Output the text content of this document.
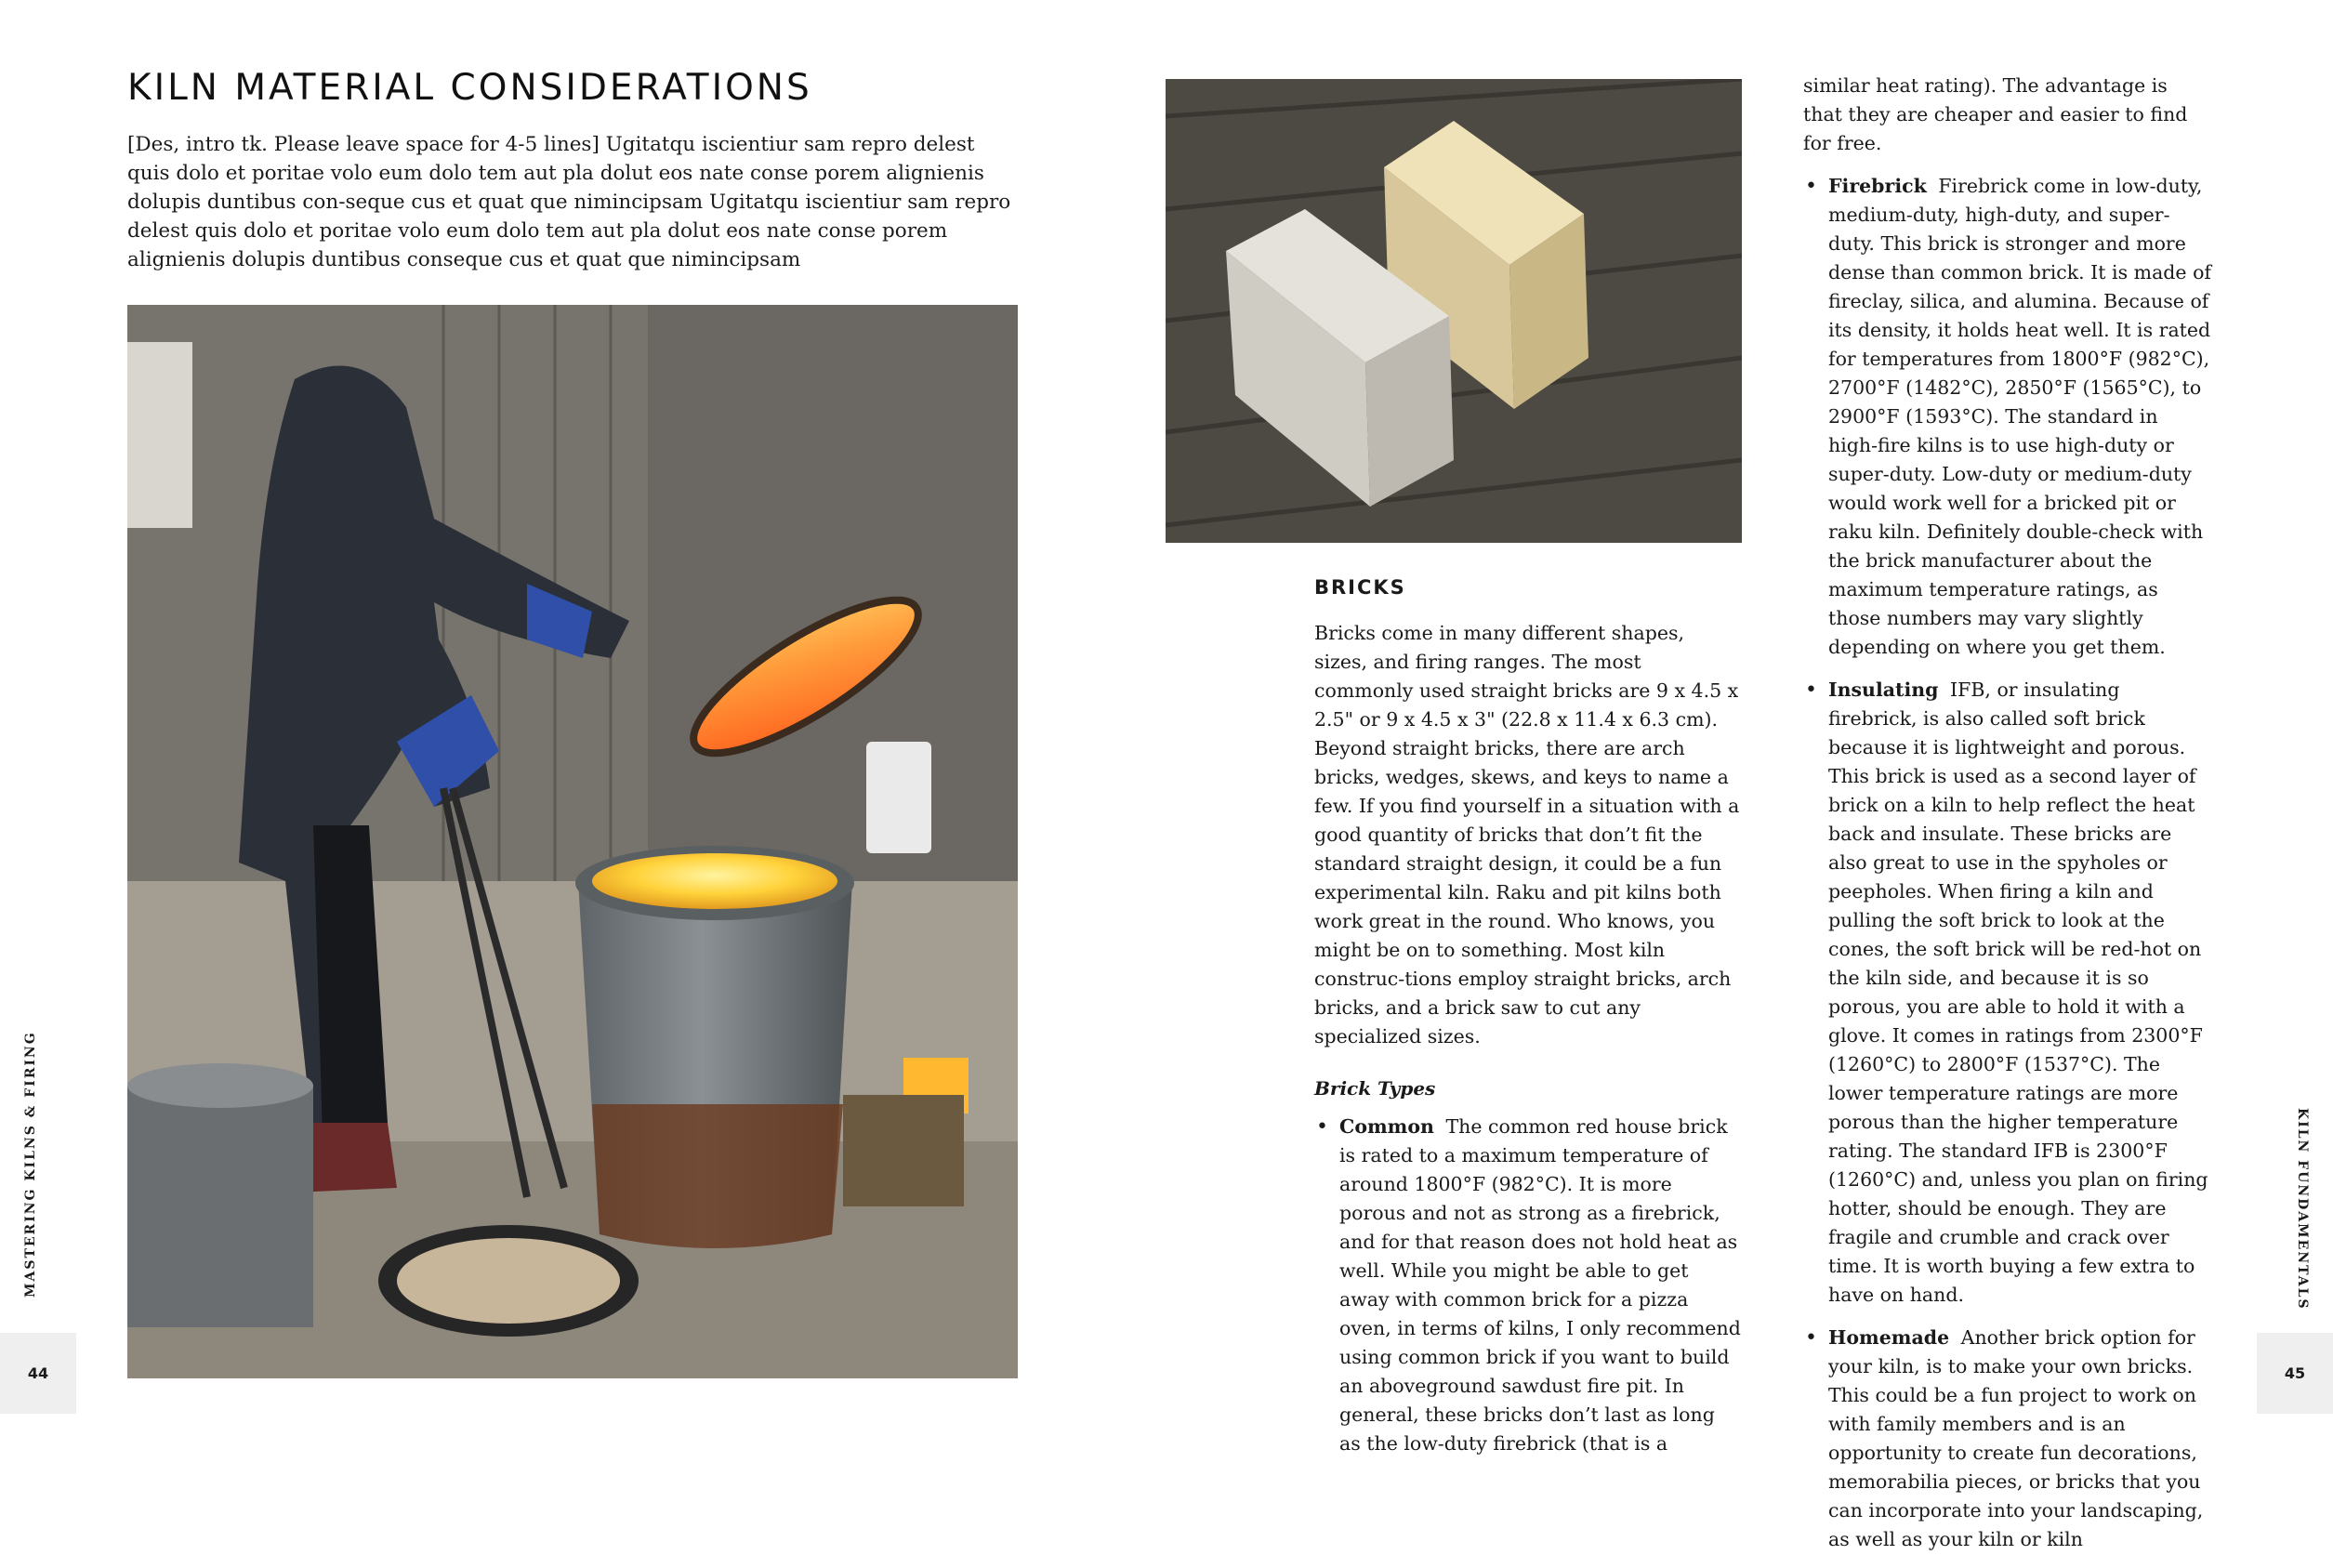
KILN MATERIAL CONSIDERATIONS
[Des, intro tk. Please leave space for 4-5 lines] Ugitatqu iscientiur sam repro delest quis dolo et poritae volo eum dolo tem aut pla dolut eos nate conse porem alignienis dolupis duntibus con-seque cus et quat que nimincipsam Ugitatqu iscientiur sam repro delest quis dolo et poritae volo eum dolo tem aut pla dolut eos nate conse porem alignienis dolupis duntibus conseque cus et quat que nimincipsam
BRICKS

Bricks come in many different shapes, sizes, and firing ranges. The most commonly used straight bricks are 9 x 4.5 x 2.5" or 9 x 4.5 x 3" (22.8 x 11.4 x 6.3 cm). Beyond straight bricks, there are arch bricks, wedges, skews, and keys to name a few. If you find yourself in a situation with a good quantity of bricks that don’t fit the standard straight design, it could be a fun experimental kiln. Raku and pit kilns both work great in the round. Who knows, you might be on to something. Most kiln construc-tions employ straight bricks, arch bricks, and a brick saw to cut any specialized sizes.

Brick Types
• Common The common red house brick is rated to a maximum temperature of around 1800°F (982°C). It is more porous and not as strong as a firebrick, and for that reason does not hold heat as well. While you might be able to get away with common brick for a pizza oven, in terms of kilns, I only recommend using common brick if you want to build an aboveground sawdust fire pit. In general, these bricks don’t last as long as the low-duty firebrick (that is a

similar heat rating). The advantage is that they are cheaper and easier to find for free.

• Firebrick Firebrick come in low-duty, medium-duty, high-duty, and super-duty. This brick is stronger and more dense than common brick. It is made of fireclay, silica, and alumina. Because of its density, it holds heat well. It is rated for temperatures from 1800°F (982°C), 2700°F (1482°C), 2850°F (1565°C), to 2900°F (1593°C). The standard in high-fire kilns is to use high-duty or super-duty. Low-duty or medium-duty would work well for a bricked pit or raku kiln. Definitely double-check with the brick manufacturer about the maximum temperature ratings, as those numbers may vary slightly depending on where you get them.
• Insulating IFB, or insulating firebrick, is also called soft brick because it is lightweight and porous. This brick is used as a second layer of brick on a kiln to help reflect the heat back and insulate. These bricks are also great to use in the spyholes or peepholes. When firing a kiln and pulling the soft brick to look at the cones, the soft brick will be red-hot on the kiln side, and because it is so porous, you are able to hold it with a glove. It comes in ratings from 2300°F (1260°C) to 2800°F (1537°C). The lower temperature ratings are more porous than the higher temperature rating. The standard IFB is 2300°F (1260°C) and, unless you plan on firing hotter, should be enough. They are fragile and crumble and crack over time. It is worth buying a few extra to have on hand.
• Homemade Another brick option for your kiln, is to make your own bricks. This could be a fun project to work on with family members and is an opportunity to create fun decorations, memorabilia pieces, or bricks that you can incorporate into your landscaping, as well as your kiln or kiln
MASTERING KILNS & FIRING	KILN FUNDAMENTALS
44	45
